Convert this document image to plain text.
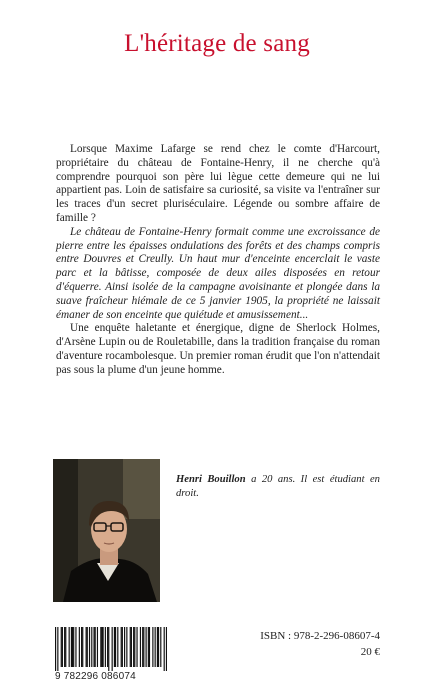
L'héritage de sang

Lorsque Maxime Lafarge se rend chez le comte d'Harcourt, propriétaire du château de Fontaine-Henry, il ne cherche qu'à comprendre pourquoi son père lui lègue cette demeure qui ne lui appartient pas. Loin de satisfaire sa curiosité, sa visite va l'entraîner sur les traces d'un secret pluriséculaire. Légende ou sombre affaire de famille ?

Le château de Fontaine-Henry formait comme une excroissance de pierre entre les épaisses ondulations des forêts et des champs compris entre Douvres et Creully. Un haut mur d'enceinte encerclait le vaste parc et la bâtisse, composée de deux ailes disposées en retour d'équerre. Ainsi isolée de la campagne avoisinante et plongée dans la suave fraîcheur hiémale de ce 5 janvier 1905, la propriété ne laissait émaner de son enceinte que quiétude et amusissement...

Une enquête haletante et énergique, digne de Sherlock Holmes, d'Arsène Lupin ou de Rouletabille, dans la tradition française du roman d'aventure rocambolesque. Un premier roman érudit que l'on n'attendait pas sous la plume d'un jeune homme.

Henri Bouillon a 20 ans. Il est étudiant en droit.
9 782296 086074
ISBN : 978-2-296-08607-4
20 €
